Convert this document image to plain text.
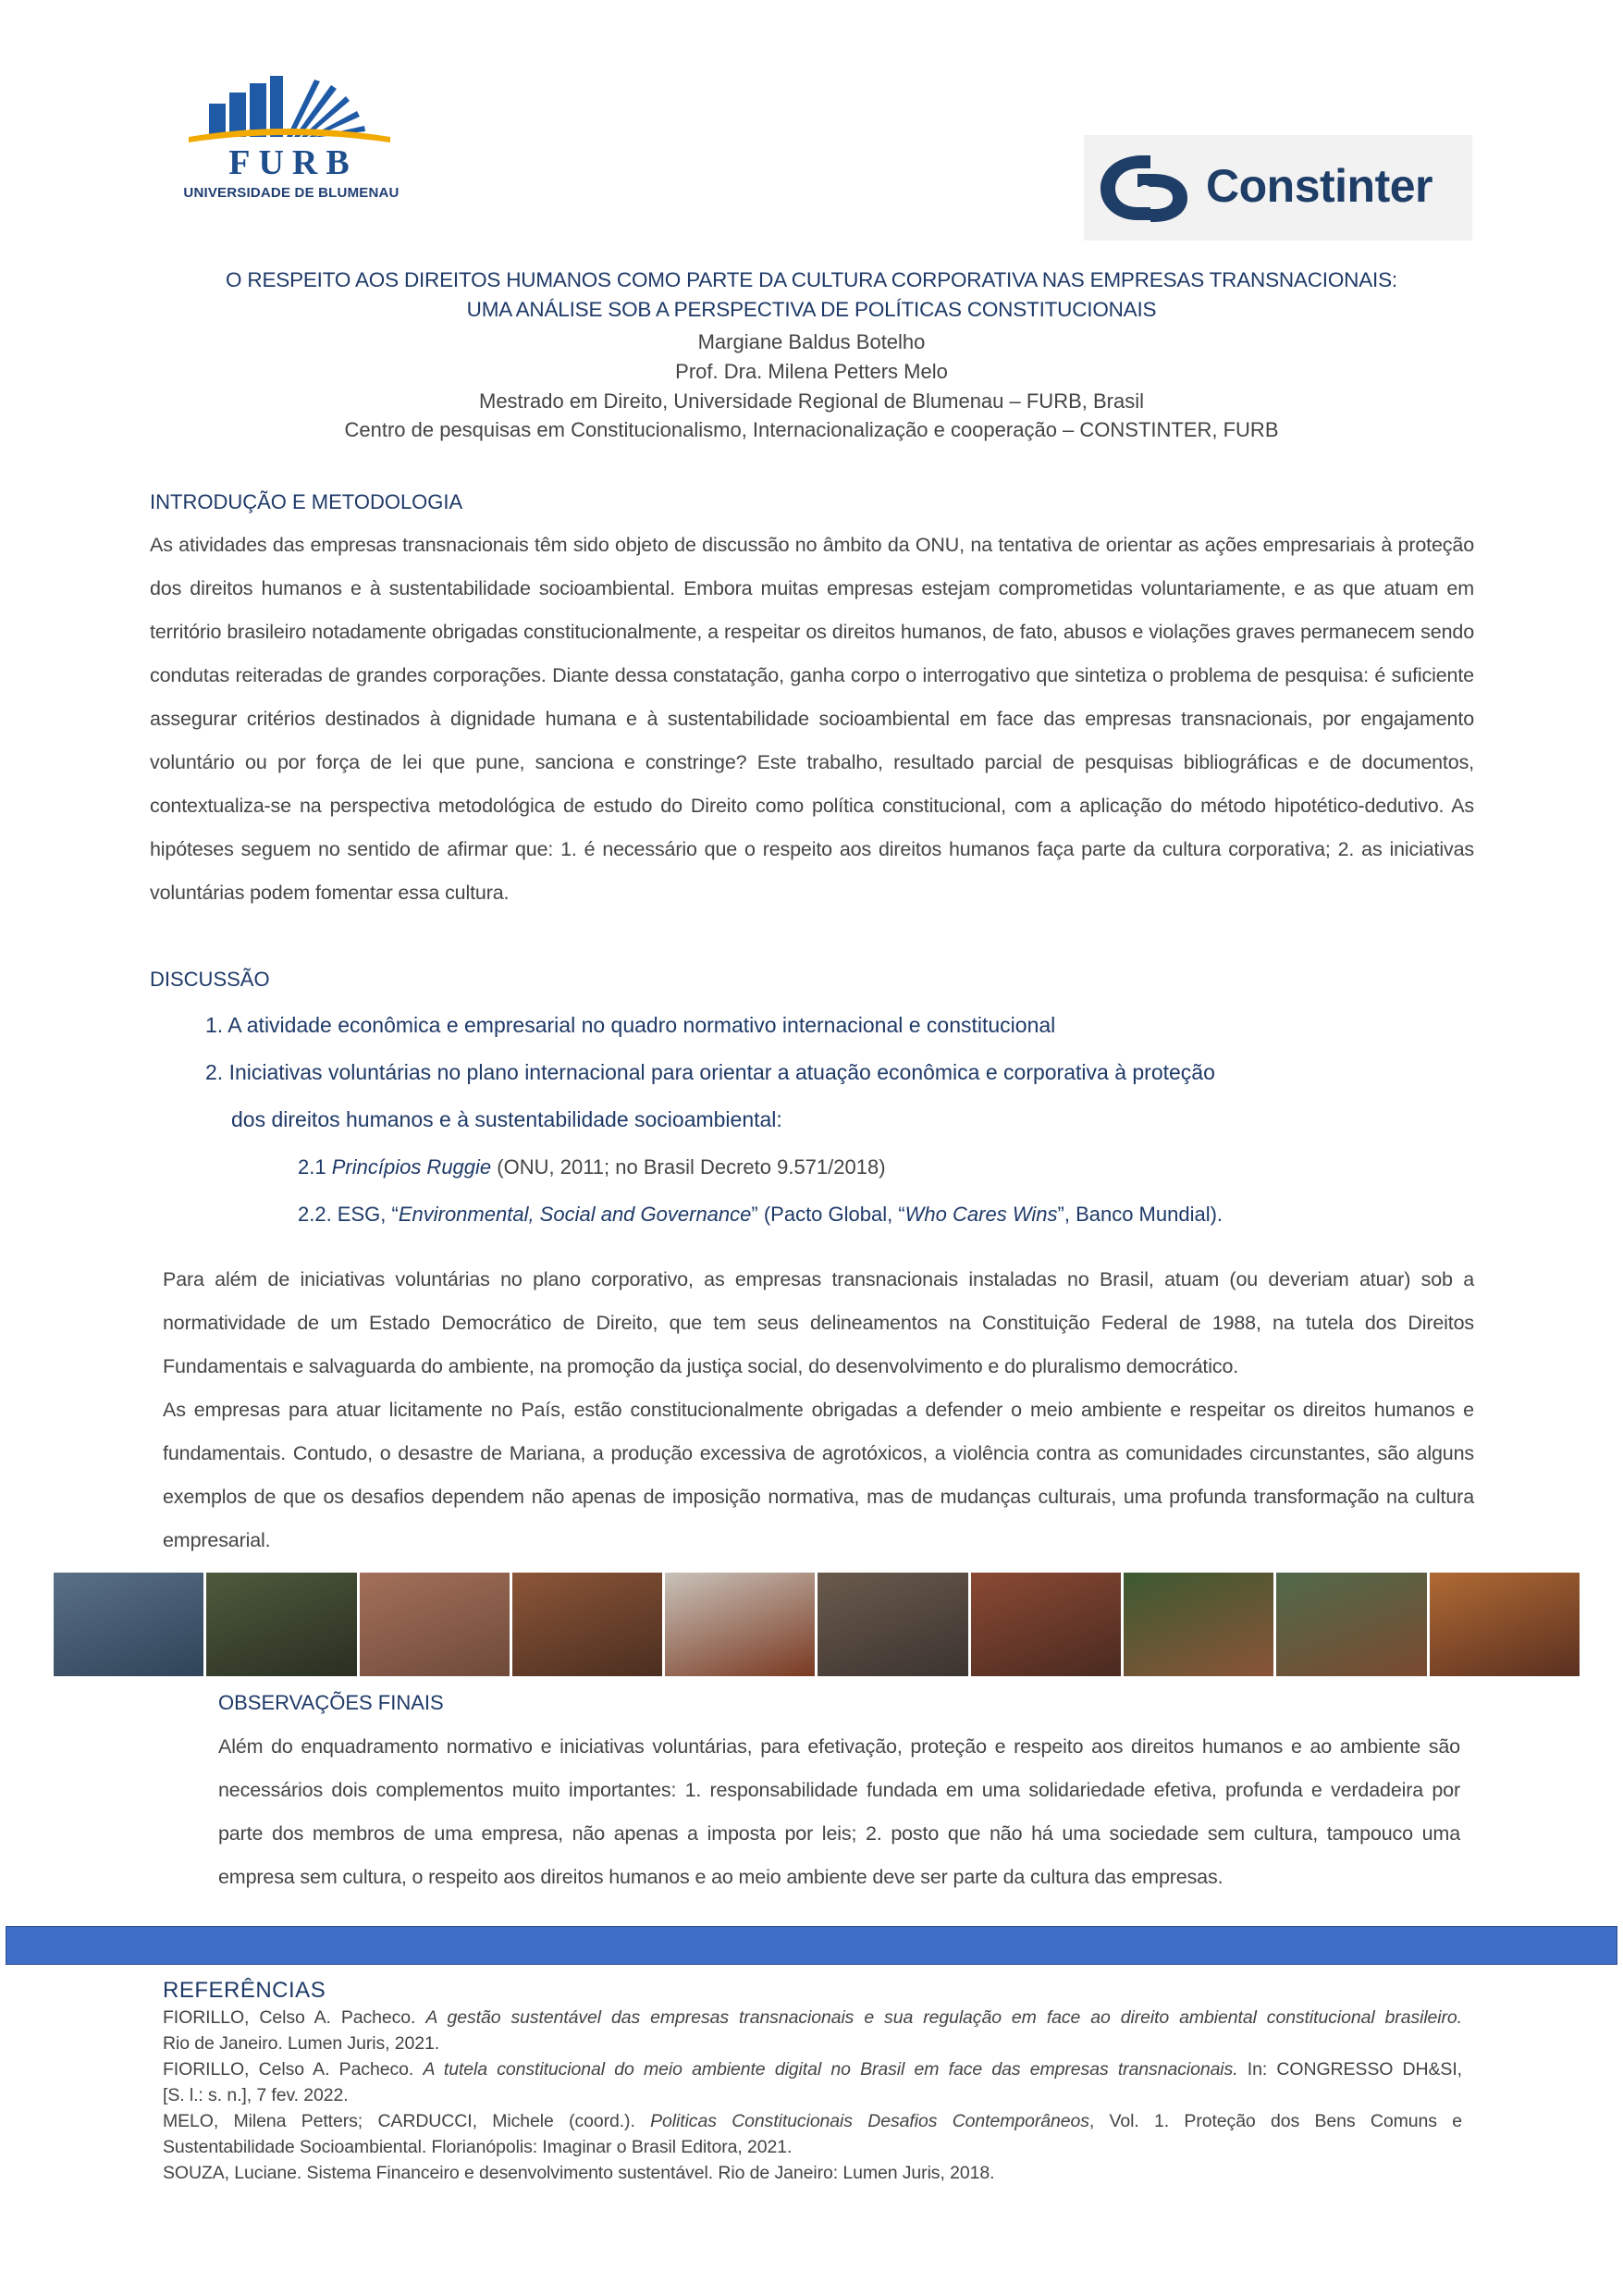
FURB
UNIVERSIDADE DE BLUMENAU	Constinter
O RESPEITO AOS DIREITOS HUMANOS COMO PARTE DA CULTURA CORPORATIVA NAS EMPRESAS TRANSNACIONAIS:
UMA ANÁLISE SOB A PERSPECTIVA DE POLÍTICAS CONSTITUCIONAIS
Margiane Baldus Botelho
Prof. Dra. Milena Petters Melo
Mestrado em Direito, Universidade Regional de Blumenau – FURB, Brasil
Centro de pesquisas em Constitucionalismo, Internacionalização e cooperação – CONSTINTER, FURB
INTRODUÇÃO E METODOLOGIA
As atividades das empresas transnacionais têm sido objeto de discussão no âmbito da ONU, na tentativa de orientar as ações empresariais à proteção dos direitos humanos e à sustentabilidade socioambiental. Embora muitas empresas estejam comprometidas voluntariamente, e as que atuam em território brasileiro notadamente obrigadas constitucionalmente, a respeitar os direitos humanos, de fato, abusos e violações graves permanecem sendo condutas reiteradas de grandes corporações. Diante dessa constatação, ganha corpo o interrogativo que sintetiza o problema de pesquisa: é suficiente assegurar critérios destinados à dignidade humana e à sustentabilidade socioambiental em face das empresas transnacionais, por engajamento voluntário ou por força de lei que pune, sanciona e constringe? Este trabalho, resultado parcial de pesquisas bibliográficas e de documentos, contextualiza-se na perspectiva metodológica de estudo do Direito como política constitucional, com a aplicação do método hipotético-dedutivo. As hipóteses seguem no sentido de afirmar que: 1. é necessário que o respeito aos direitos humanos faça parte da cultura corporativa; 2. as iniciativas voluntárias podem fomentar essa cultura.
DISCUSSÃO
1. A atividade econômica e empresarial no quadro normativo internacional e constitucional
2. Iniciativas voluntárias no plano internacional para orientar a atuação econômica e corporativa à proteção
dos direitos humanos e à sustentabilidade socioambiental:
2.1 Princípios Ruggie (ONU, 2011; no Brasil Decreto 9.571/2018)
2.2. ESG, “Environmental, Social and Governance” (Pacto Global, “Who Cares Wins”, Banco Mundial).
Para além de iniciativas voluntárias no plano corporativo, as empresas transnacionais instaladas no Brasil, atuam (ou deveriam atuar) sob a normatividade de um Estado Democrático de Direito, que tem seus delineamentos na Constituição Federal de 1988, na tutela dos Direitos Fundamentais e salvaguarda do ambiente, na promoção da justiça social, do desenvolvimento e do pluralismo democrático.
As empresas para atuar licitamente no País, estão constitucionalmente obrigadas a defender o meio ambiente e respeitar os direitos humanos e fundamentais. Contudo, o desastre de Mariana, a produção excessiva de agrotóxicos, a violência contra as comunidades circunstantes, são alguns exemplos de que os desafios dependem não apenas de imposição normativa, mas de mudanças culturais, uma profunda transformação na cultura empresarial.
OBSERVAÇÕES FINAIS
Além do enquadramento normativo e iniciativas voluntárias, para efetivação, proteção e respeito aos direitos humanos e ao ambiente são necessários dois complementos muito importantes: 1. responsabilidade fundada em uma solidariedade efetiva, profunda e verdadeira por parte dos membros de uma empresa, não apenas a imposta por leis; 2. posto que não há uma sociedade sem cultura, tampouco uma empresa sem cultura, o respeito aos direitos humanos e ao meio ambiente deve ser parte da cultura das empresas.
REFERÊNCIAS
FIORILLO, Celso A. Pacheco. A gestão sustentável das empresas transnacionais e sua regulação em face ao direito ambiental constitucional brasileiro.
Rio de Janeiro. Lumen Juris, 2021.
FIORILLO, Celso A. Pacheco. A tutela constitucional do meio ambiente digital no Brasil em face das empresas transnacionais. In: CONGRESSO DH&SI,
[S. l.: s. n.], 7 fev. 2022.
MELO, Milena Petters; CARDUCCI, Michele (coord.). Politicas Constitucionais Desafios Contemporâneos, Vol. 1. Proteção dos Bens Comuns e
Sustentabilidade Socioambiental. Florianópolis: Imaginar o Brasil Editora, 2021.
SOUZA, Luciane. Sistema Financeiro e desenvolvimento sustentável. Rio de Janeiro: Lumen Juris, 2018.
